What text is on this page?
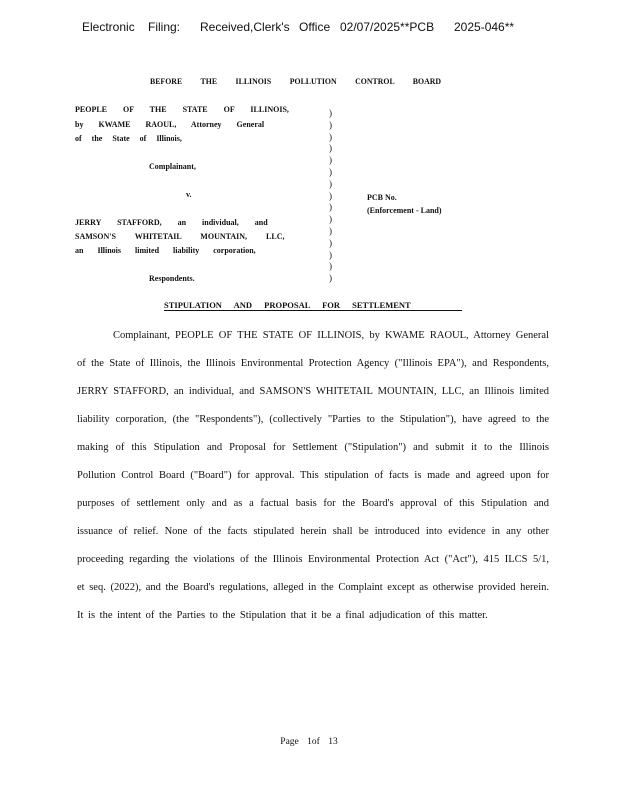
Electronic Filing: Received,Clerk's Office 02/07/2025**PCB 2025-046**
BEFORE THE ILLINOIS POLLUTION CONTROL BOARD
PEOPLE OF THE STATE OF ILLINOIS,
by KWAME RAOUL, Attorney General
of the State of Illinois,
Complainant,
v.
JERRY STAFFORD, an individual, and
SAMSON'S WHITETAIL MOUNTAIN, LLC,
an Illinois limited liability corporation,
Respondents.
)
)
)
)
)
)
)
)
)
)
)
)
)
)
)
PCB No.
(Enforcement - Land)
STIPULATION AND PROPOSAL FOR SETTLEMENT
Complainant, PEOPLE OF THE STATE OF ILLINOIS, by KWAME RAOUL, Attorney General of the State of Illinois, the Illinois Environmental Protection Agency ("Illinois EPA"), and Respondents, JERRY STAFFORD, an individual, and SAMSON'S WHITETAIL MOUNTAIN, LLC, an Illinois limited liability corporation, (the "Respondents"), (collectively "Parties to the Stipulation"), have agreed to the making of this Stipulation and Proposal for Settlement ("Stipulation") and submit it to the Illinois Pollution Control Board ("Board") for approval. This stipulation of facts is made and agreed upon for purposes of settlement only and as a factual basis for the Board's approval of this Stipulation and issuance of relief. None of the facts stipulated herein shall be introduced into evidence in any other proceeding regarding the violations of the Illinois Environmental Protection Act ("Act"), 415 ILCS 5/1, et seq. (2022), and the Board's regulations, alleged in the Complaint except as otherwise provided herein. It is the intent of the Parties to the Stipulation that it be a final adjudication of this matter.
Page 1of 13
